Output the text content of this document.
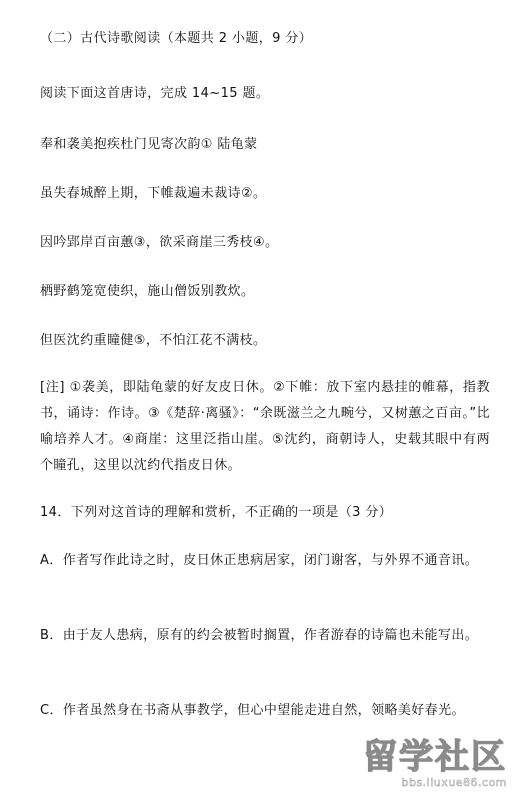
（二）古代诗歌阅读（本题共 2 小题，9 分）
阅读下面这首唐诗，完成 14~15 题。
奉和袭美抱疾杜门见寄次韵① 陆龟蒙
虽失春城醉上期，下帷裁遍未裁诗②。
因吟郢岸百亩蕙③，欲采商崖三秀枝④。
栖野鹤笼宽使织，施山僧饭别教炊。
但医沈约重瞳健⑤，不怕江花不满枝。
[注] ①袭美，即陆龟蒙的好友皮日休。②下帷：放下室内悬挂的帷幕，指教书，诵诗：作诗。③《楚辞·离骚》：“余既滋兰之九畹兮，又树蕙之百亩。”比喻培养人才。④商崖：这里泛指山崖。⑤沈约，商朝诗人，史载其眼中有两个瞳孔，这里以沈约代指皮日休。
14．下列对这首诗的理解和赏析，不正确的一项是（3 分）
A．作者写作此诗之时，皮日休正患病居家，闭门谢客，与外界不通音讯。
B．由于友人患病，原有的约会被暂时搁置，作者游春的诗篇也未能写出。
C．作者虽然身在书斋从事教学，但心中望能走进自然，领略美好春光。
留学社区
bbs.liuxue86.com
